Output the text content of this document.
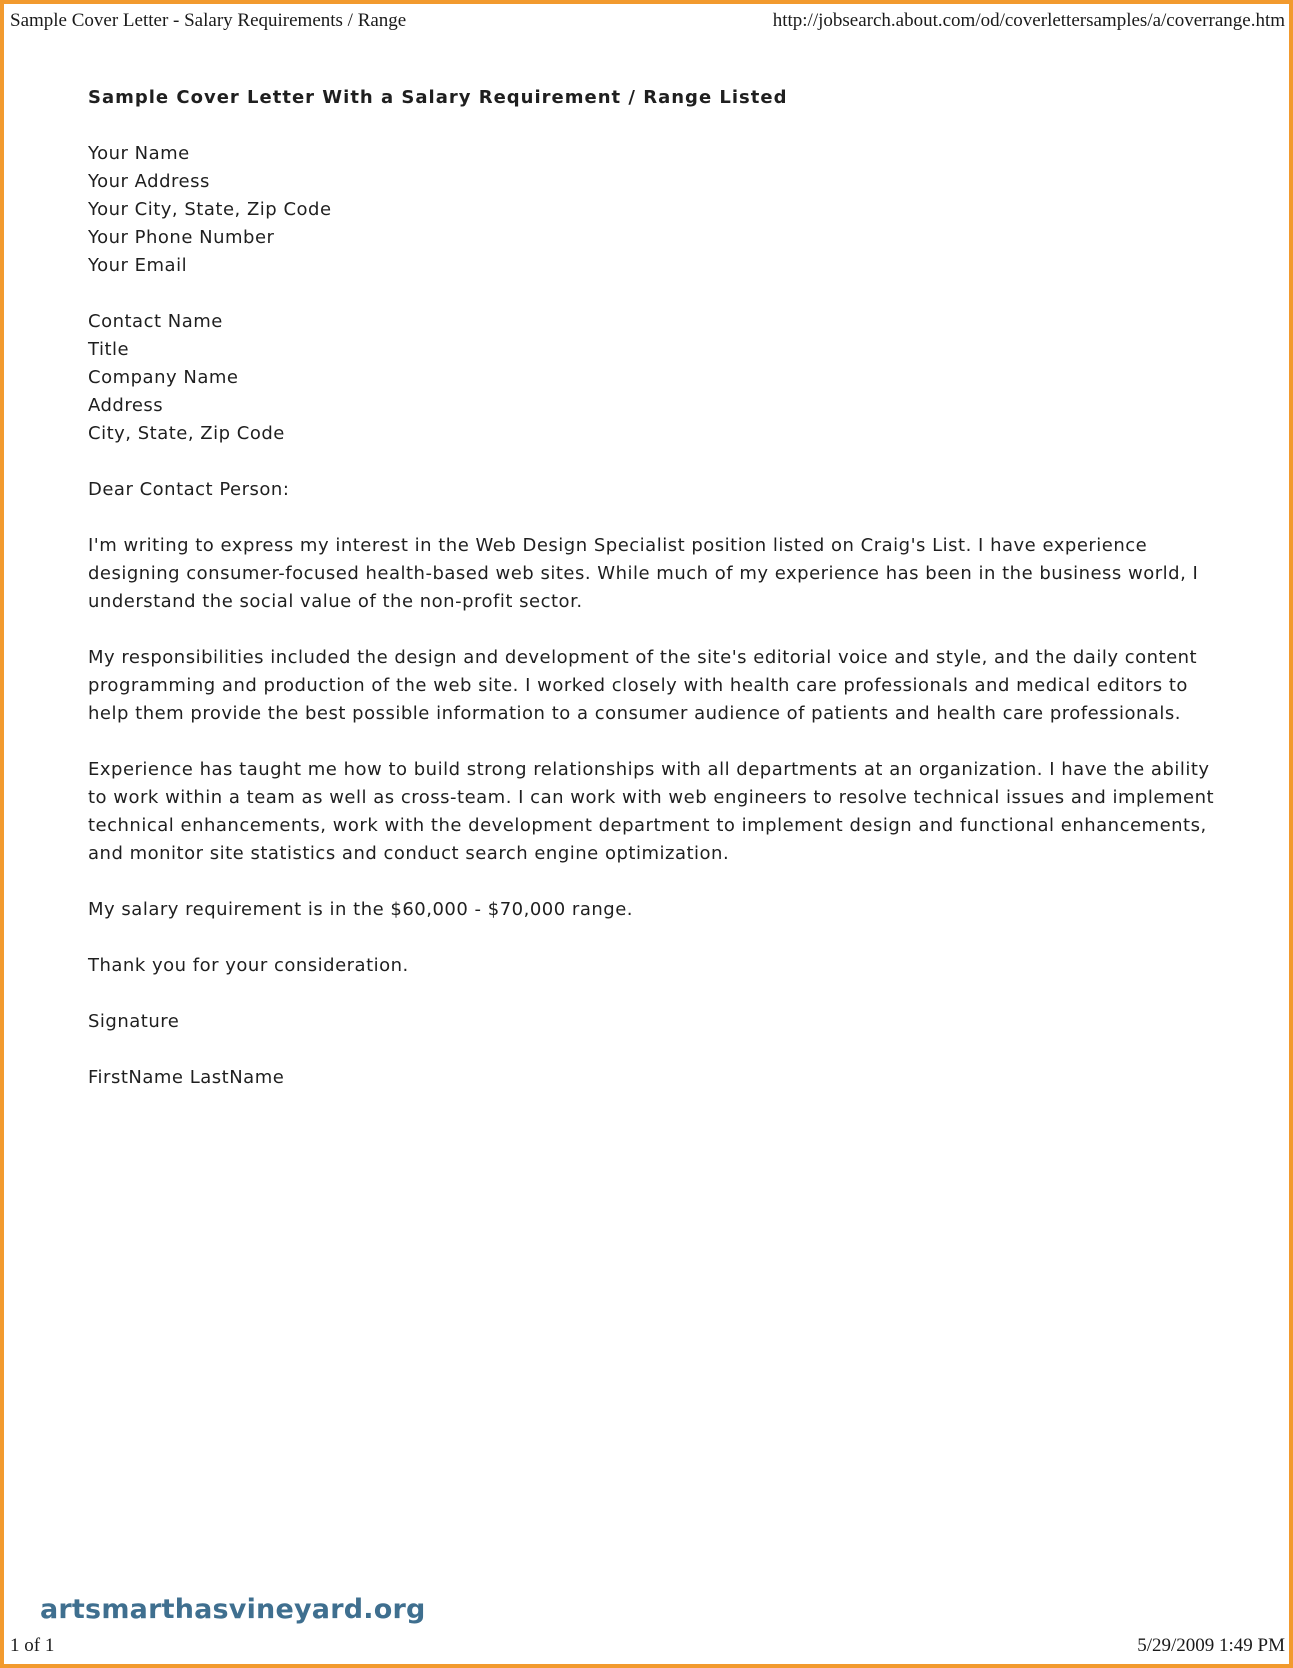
Sample Cover Letter - Salary Requirements / Range	http://jobsearch.about.com/od/coverlettersamples/a/coverrange.htm
Sample Cover Letter With a Salary Requirement / Range Listed
Your Name
Your Address
Your City, State, Zip Code
Your Phone Number
Your Email
Contact Name
Title
Company Name
Address
City, State, Zip Code

Dear Contact Person:

I'm writing to express my interest in the Web Design Specialist position listed on Craig's List. I have experience designing consumer-focused health-based web sites. While much of my experience has been in the business world, I understand the social value of the non-profit sector.

My responsibilities included the design and development of the site's editorial voice and style, and the daily content programming and production of the web site. I worked closely with health care professionals and medical editors to help them provide the best possible information to a consumer audience of patients and health care professionals.

Experience has taught me how to build strong relationships with all departments at an organization. I have the ability to work within a team as well as cross-team. I can work with web engineers to resolve technical issues and implement technical enhancements, work with the development department to implement design and functional enhancements, and monitor site statistics and conduct search engine optimization.

My salary requirement is in the $60,000 - $70,000 range.

Thank you for your consideration.

Signature

FirstName LastName

artsmarthasvineyard.org
1 of 1	5/29/2009 1:49 PM
